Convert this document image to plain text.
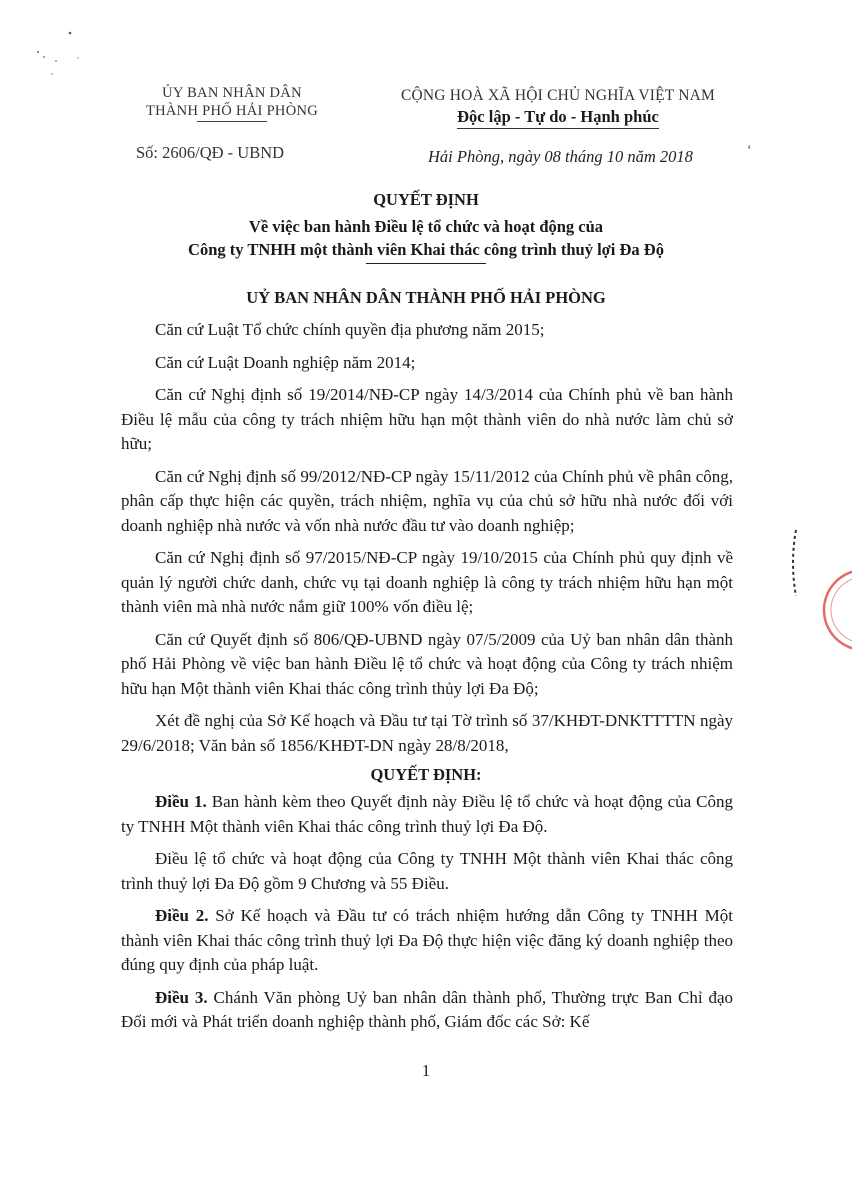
ỦY BAN NHÂN DÂN
THÀNH PHỐ HẢI PHÒNG
Số: 2606/QĐ - UBND
CỘNG HOÀ XÃ HỘI CHỦ NGHĨA VIỆT NAM
Độc lập - Tự do - Hạnh phúc
Hải Phòng, ngày 08 tháng 10 năm 2018	‘
QUYẾT ĐỊNH
Về việc ban hành Điều lệ tổ chức và hoạt động của
Công ty TNHH một thành viên Khai thác công trình thuỷ lợi Đa Độ
UỶ BAN NHÂN DÂN THÀNH PHỐ HẢI PHÒNG

Căn cứ Luật Tổ chức chính quyền địa phương năm 2015;

Căn cứ Luật Doanh nghiệp năm 2014;

Căn cứ Nghị định số 19/2014/NĐ-CP ngày 14/3/2014 của Chính phủ về ban hành Điều lệ mẫu của công ty trách nhiệm hữu hạn một thành viên do nhà nước làm chủ sở hữu;

Căn cứ Nghị định số 99/2012/NĐ-CP ngày 15/11/2012 của Chính phủ về phân công, phân cấp thực hiện các quyền, trách nhiệm, nghĩa vụ của chủ sở hữu nhà nước đối với doanh nghiệp nhà nước và vốn nhà nước đầu tư vào doanh nghiệp;

Căn cứ Nghị định số 97/2015/NĐ-CP ngày 19/10/2015 của Chính phủ quy định về quản lý người chức danh, chức vụ tại doanh nghiệp là công ty trách nhiệm hữu hạn một thành viên mà nhà nước nắm giữ 100% vốn điều lệ;

Căn cứ Quyết định số 806/QĐ-UBND ngày 07/5/2009 của Uỷ ban nhân dân thành phố Hải Phòng về việc ban hành Điều lệ tổ chức và hoạt động của Công ty trách nhiệm hữu hạn Một thành viên Khai thác công trình thủy lợi Đa Độ;

Xét đề nghị của Sở Kế hoạch và Đầu tư tại Tờ trình số 37/KHĐT-DNKTTTTN ngày 29/6/2018; Văn bản số 1856/KHĐT-DN ngày 28/8/2018,

Điều 1. Ban hành kèm theo Quyết định này Điều lệ tổ chức và hoạt động của Công ty TNHH Một thành viên Khai thác công trình thuỷ lợi Đa Độ.

Điều lệ tổ chức và hoạt động của Công ty TNHH Một thành viên Khai thác công trình thuỷ lợi Đa Độ gồm 9 Chương và 55 Điều.

Điều 2. Sở Kế hoạch và Đầu tư có trách nhiệm hướng dẫn Công ty TNHH Một thành viên Khai thác công trình thuỷ lợi Đa Độ thực hiện việc đăng ký doanh nghiệp theo đúng quy định của pháp luật.

Điều 3. Chánh Văn phòng Uỷ ban nhân dân thành phố, Thường trực Ban Chỉ đạo Đổi mới và Phát triển doanh nghiệp thành phố, Giám đốc các Sở: Kế

QUYẾT ĐỊNH:
1
